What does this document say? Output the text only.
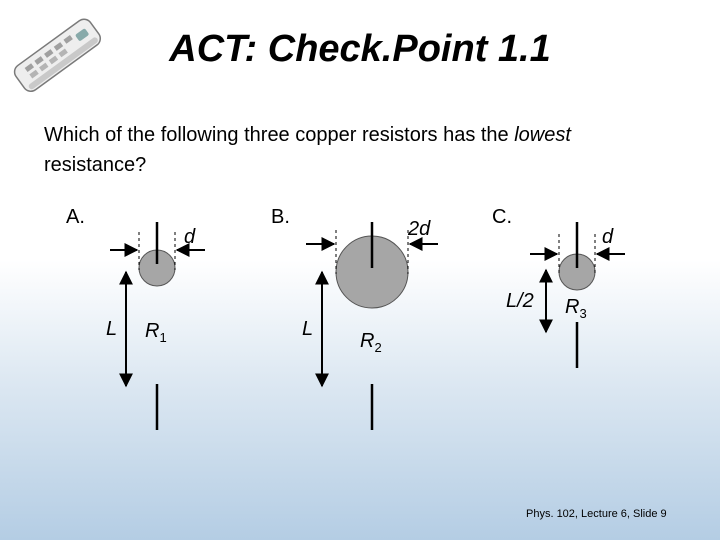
ACT: Check.Point 1.1
Which of the following three copper resistors has the lowest
resistance?
A.
d
L $R_1$
B.
2d
L
$R_2$
C.
d
L/2 $R_3$
Phys. 102, Lecture 6, Slide 9
